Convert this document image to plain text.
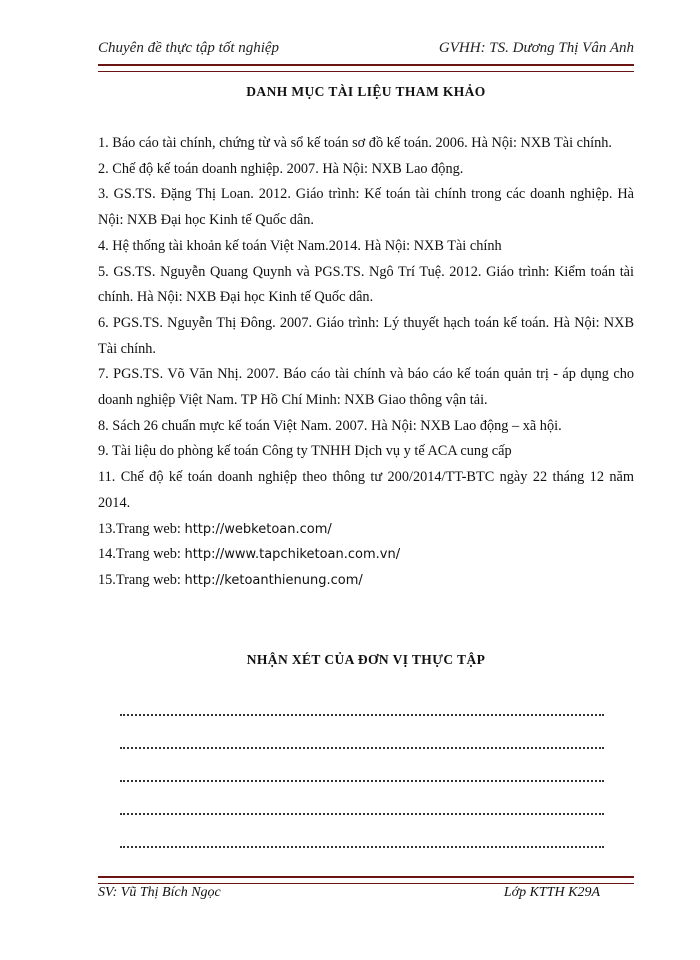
Chuyên đề thực tập tốt nghiệp	GVHH: TS. Dương Thị Vân Anh
DANH MỤC TÀI LIỆU THAM KHẢO
1. Báo cáo tài chính, chứng từ và sổ kế toán sơ đồ kế toán. 2006. Hà Nội: NXB Tài chính.
2. Chế độ kế toán doanh nghiệp. 2007. Hà Nội: NXB Lao động.
3. GS.TS. Đặng Thị Loan. 2012. Giáo trình: Kế toán tài chính trong các doanh nghiệp. Hà Nội: NXB Đại học Kinh tế Quốc dân.
4. Hệ thống tài khoản kế toán Việt Nam.2014. Hà Nội: NXB Tài chính
5. GS.TS. Nguyễn Quang Quynh và PGS.TS. Ngô Trí Tuệ. 2012. Giáo trình: Kiểm toán tài chính. Hà Nội: NXB Đại học Kinh tế Quốc dân.
6. PGS.TS. Nguyễn Thị Đông. 2007. Giáo trình: Lý thuyết hạch toán kế toán. Hà Nội: NXB Tài chính.
7. PGS.TS. Võ Văn Nhị. 2007. Báo cáo tài chính và báo cáo kế toán quản trị - áp dụng cho doanh nghiệp Việt Nam. TP Hồ Chí Minh: NXB Giao thông vận tải.
8. Sách 26 chuẩn mực kế toán Việt Nam. 2007. Hà Nội: NXB Lao động – xã hội.
9. Tài liệu do phòng kế toán Công ty TNHH Dịch vụ y tế ACA cung cấp
11. Chế độ kế toán doanh nghiệp theo thông tư 200/2014/TT-BTC ngày 22 tháng 12 năm 2014.
13.Trang web: http://webketoan.com/
14.Trang web: http://www.tapchiketoan.com.vn/
15.Trang web: http://ketoanthienung.com/
NHẬN XÉT CỦA ĐƠN VỊ THỰC TẬP
SV: Vũ Thị Bích Ngọc	Lớp KTTH K29A
